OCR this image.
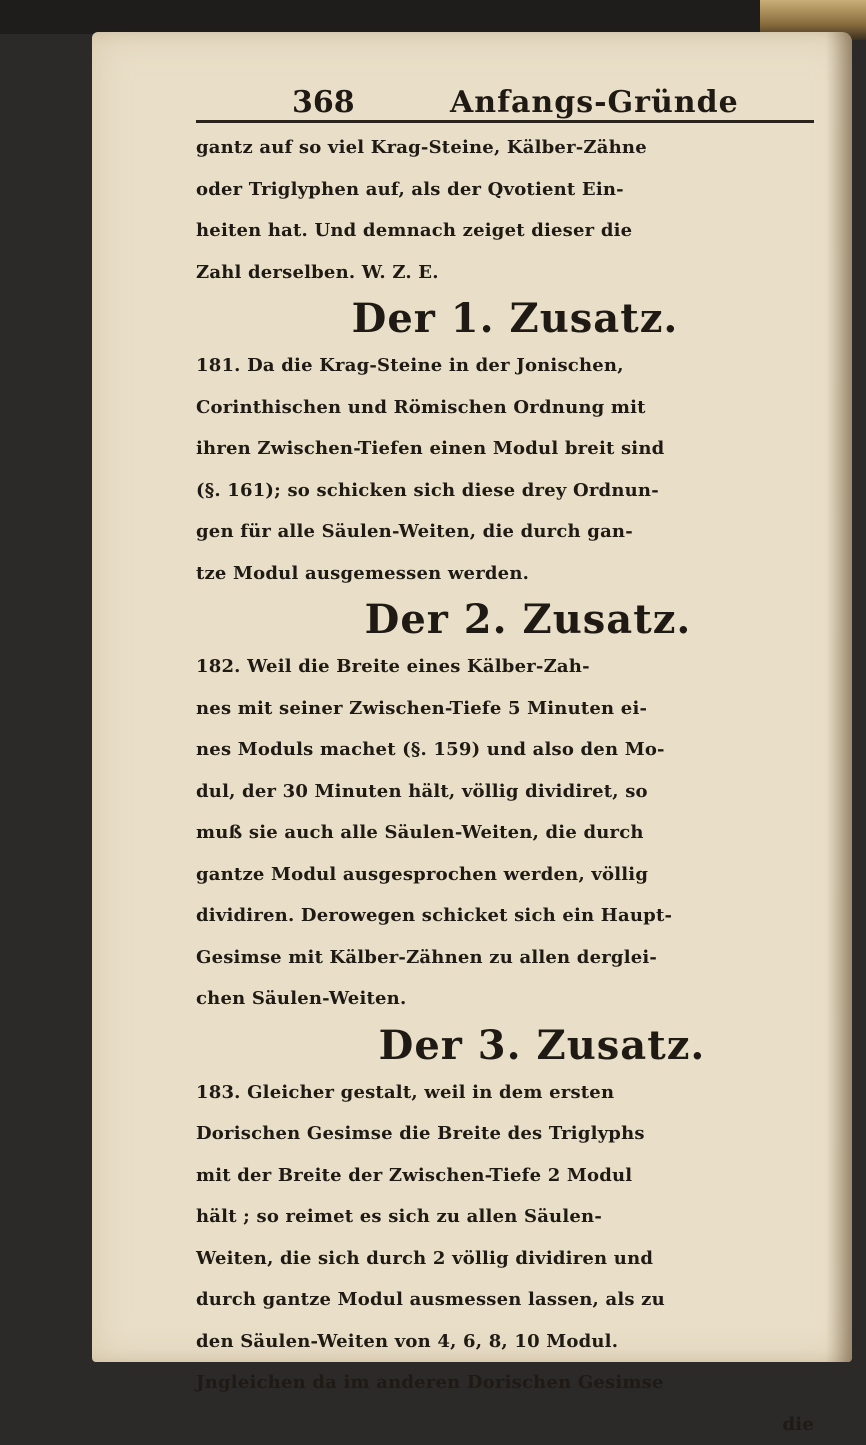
368	Anfangs-Gründe
gantz auf so viel Krag-Steine, Kälber-Zähne
oder Triglyphen auf, als der Qvotient Ein-
heiten hat. Und demnach zeiget dieser die
Zahl derselben. W. Z. E.
Der 1. Zusatz.
181. Da die Krag-Steine in der Jonischen,
Corinthischen und Römischen Ordnung mit
ihren Zwischen-Tiefen einen Modul breit sind
(§. 161); so schicken sich diese drey Ordnun-
gen für alle Säulen-Weiten, die durch gan-
tze Modul ausgemessen werden.
Der 2. Zusatz.
182. Weil die Breite eines Kälber-Zah-
nes mit seiner Zwischen-Tiefe 5 Minuten ei-
nes Moduls machet (§. 159) und also den Mo-
dul, der 30 Minuten hält, völlig dividiret, so
muß sie auch alle Säulen-Weiten, die durch
gantze Modul ausgesprochen werden, völlig
dividiren. Derowegen schicket sich ein Haupt-
Gesimse mit Kälber-Zähnen zu allen derglei-
chen Säulen-Weiten.
Der 3. Zusatz.
183. Gleicher gestalt, weil in dem ersten
Dorischen Gesimse die Breite des Triglyphs
mit der Breite der Zwischen-Tiefe 2 Modul
hält ; so reimet es sich zu allen Säulen-
Weiten, die sich durch 2 völlig dividiren und
durch gantze Modul ausmessen lassen, als zu
den Säulen-Weiten von 4, 6, 8, 10 Modul.
Jngleichen da im anderen Dorischen Gesimse
die
